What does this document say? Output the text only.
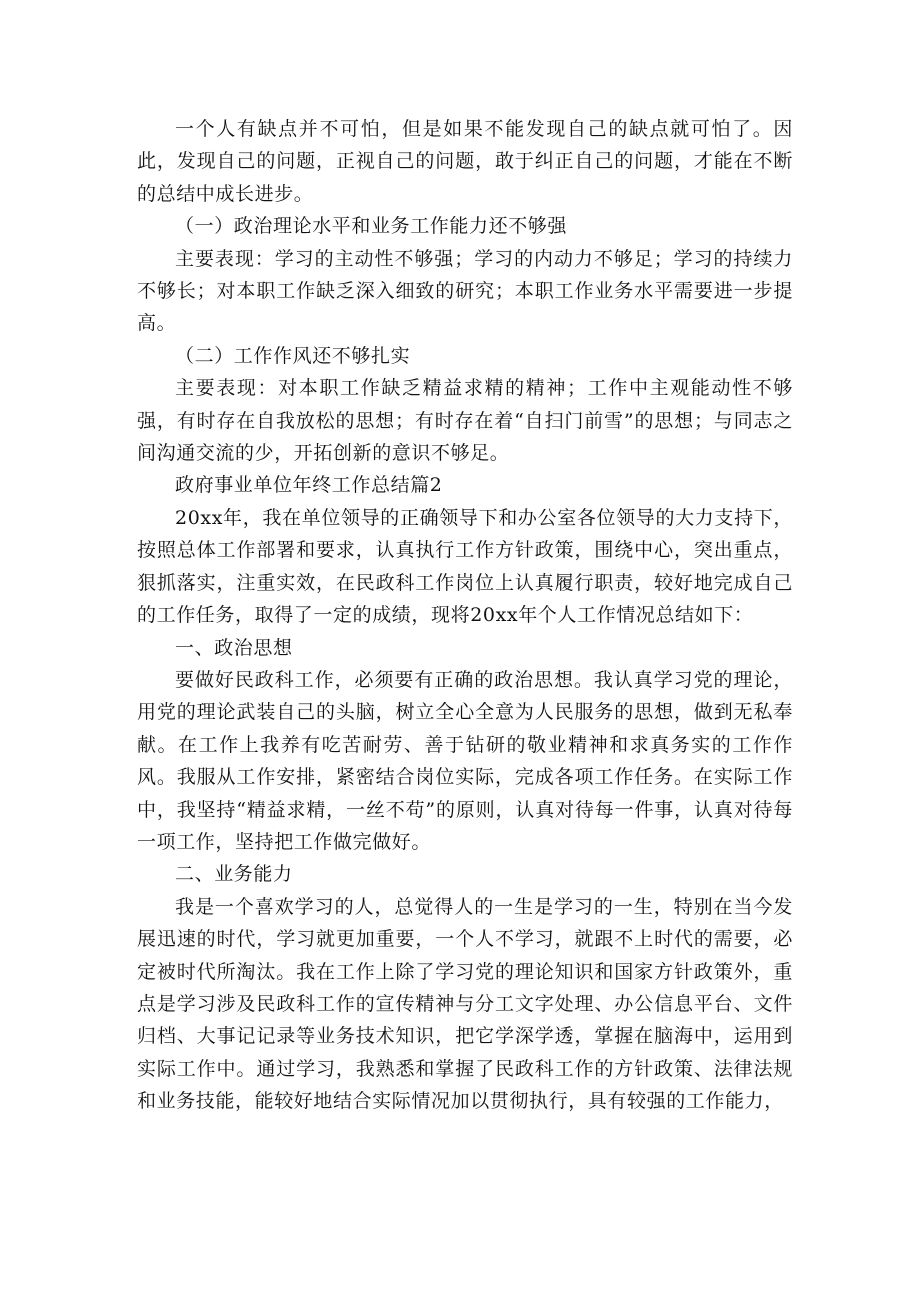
一个人有缺点并不可怕，但是如果不能发现自己的缺点就可怕了。因此，发现自己的问题，正视自己的问题，敢于纠正自己的问题，才能在不断的总结中成长进步。

（一）政治理论水平和业务工作能力还不够强

主要表现：学习的主动性不够强；学习的内动力不够足；学习的持续力不够长；对本职工作缺乏深入细致的研究；本职工作业务水平需要进一步提高。

（二）工作作风还不够扎实

主要表现：对本职工作缺乏精益求精的精神；工作中主观能动性不够强，有时存在自我放松的思想；有时存在着“自扫门前雪”的思想；与同志之间沟通交流的少，开拓创新的意识不够足。

政府事业单位年终工作总结篇2

20xx年，我在单位领导的正确领导下和办公室各位领导的大力支持下，按照总体工作部署和要求，认真执行工作方针政策，围绕中心，突出重点，狠抓落实，注重实效，在民政科工作岗位上认真履行职责，较好地完成自己的工作任务，取得了一定的成绩，现将20xx年个人工作情况总结如下：

一、政治思想

要做好民政科工作，必须要有正确的政治思想。我认真学习党的理论，用党的理论武装自己的头脑，树立全心全意为人民服务的思想，做到无私奉献。在工作上我养有吃苦耐劳、善于钻研的敬业精神和求真务实的工作作风。我服从工作安排，紧密结合岗位实际，完成各项工作任务。在实际工作中，我坚持“精益求精，一丝不苟”的原则，认真对待每一件事，认真对待每一项工作，坚持把工作做完做好。

二、业务能力

我是一个喜欢学习的人，总觉得人的一生是学习的一生，特别在当今发展迅速的时代，学习就更加重要，一个人不学习，就跟不上时代的需要，必定被时代所淘汰。我在工作上除了学习党的理论知识和国家方针政策外，重点是学习涉及民政科工作的宣传精神与分工文字处理、办公信息平台、文件归档、大事记记录等业务技术知识，把它学深学透，掌握在脑海中，运用到实际工作中。通过学习，我熟悉和掌握了民政科工作的方针政策、法律法规和业务技能，能较好地结合实际情况加以贯彻执行，具有较强的工作能力，
